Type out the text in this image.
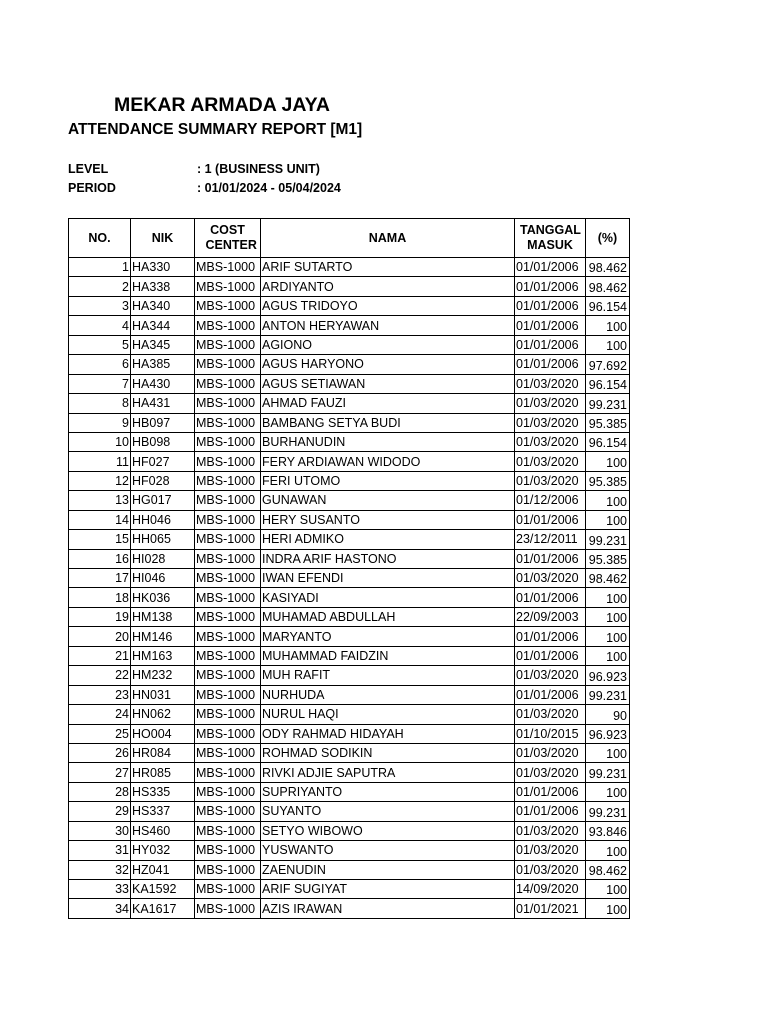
MEKAR ARMADA JAYA
ATTENDANCE SUMMARY REPORT [M1]
LEVEL	: 1 (BUSINESS UNIT)
PERIOD	: 01/01/2024 - 05/04/2024
NO.	NIK	COST CENTER	NAMA	TANGGAL MASUK	(%)
1	HA330	MBS-1000	ARIF SUTARTO	01/01/2006	98.462
2	HA338	MBS-1000	ARDIYANTO	01/01/2006	98.462
3	HA340	MBS-1000	AGUS TRIDOYO	01/01/2006	96.154
4	HA344	MBS-1000	ANTON HERYAWAN	01/01/2006	100
5	HA345	MBS-1000	AGIONO	01/01/2006	100
6	HA385	MBS-1000	AGUS HARYONO	01/01/2006	97.692
7	HA430	MBS-1000	AGUS SETIAWAN	01/03/2020	96.154
8	HA431	MBS-1000	AHMAD FAUZI	01/03/2020	99.231
9	HB097	MBS-1000	BAMBANG SETYA BUDI	01/03/2020	95.385
10	HB098	MBS-1000	BURHANUDIN	01/03/2020	96.154
11	HF027	MBS-1000	FERY ARDIAWAN WIDODO	01/03/2020	100
12	HF028	MBS-1000	FERI UTOMO	01/03/2020	95.385
13	HG017	MBS-1000	GUNAWAN	01/12/2006	100
14	HH046	MBS-1000	HERY SUSANTO	01/01/2006	100
15	HH065	MBS-1000	HERI ADMIKO	23/12/2011	99.231
16	HI028	MBS-1000	INDRA ARIF HASTONO	01/01/2006	95.385
17	HI046	MBS-1000	IWAN EFENDI	01/03/2020	98.462
18	HK036	MBS-1000	KASIYADI	01/01/2006	100
19	HM138	MBS-1000	MUHAMAD ABDULLAH	22/09/2003	100
20	HM146	MBS-1000	MARYANTO	01/01/2006	100
21	HM163	MBS-1000	MUHAMMAD FAIDZIN	01/01/2006	100
22	HM232	MBS-1000	MUH RAFIT	01/03/2020	96.923
23	HN031	MBS-1000	NURHUDA	01/01/2006	99.231
24	HN062	MBS-1000	NURUL HAQI	01/03/2020	90
25	HO004	MBS-1000	ODY RAHMAD HIDAYAH	01/10/2015	96.923
26	HR084	MBS-1000	ROHMAD SODIKIN	01/03/2020	100
27	HR085	MBS-1000	RIVKI ADJIE SAPUTRA	01/03/2020	99.231
28	HS335	MBS-1000	SUPRIYANTO	01/01/2006	100
29	HS337	MBS-1000	SUYANTO	01/01/2006	99.231
30	HS460	MBS-1000	SETYO WIBOWO	01/03/2020	93.846
31	HY032	MBS-1000	YUSWANTO	01/03/2020	100
32	HZ041	MBS-1000	ZAENUDIN	01/03/2020	98.462
33	KA1592	MBS-1000	ARIF SUGIYAT	14/09/2020	100
34	KA1617	MBS-1000	AZIS IRAWAN	01/01/2021	100
